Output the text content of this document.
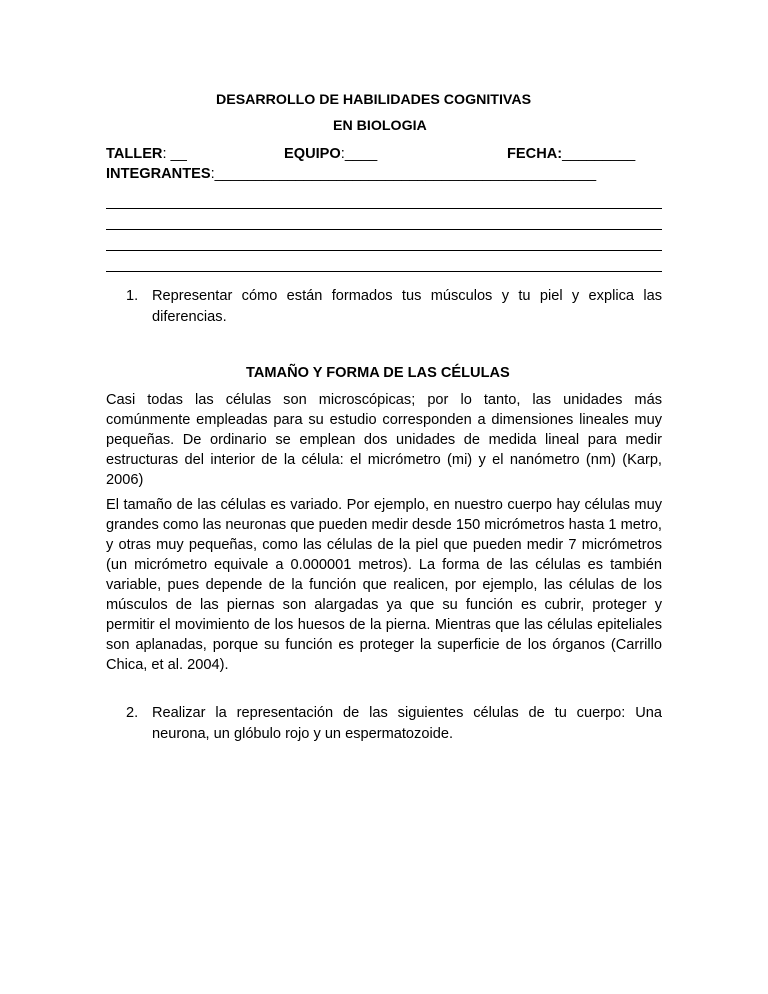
DESARROLLO DE HABILIDADES COGNITIVAS
EN BIOLOGIA
TALLER: __	EQUIPO:____	FECHA:_________
INTEGRANTES:_______________________________________________
1. Representar cómo están formados tus músculos y tu piel y explica las diferencias.
TAMAÑO Y FORMA DE LAS CÉLULAS

Casi todas las células son microscópicas; por lo tanto, las unidades más comúnmente empleadas para su estudio corresponden a dimensiones lineales muy pequeñas. De ordinario se emplean dos unidades de medida lineal para medir estructuras del interior de la célula: el micrómetro (mi) y el nanómetro (nm) (Karp, 2006)

El tamaño de las células es variado. Por ejemplo, en nuestro cuerpo hay células muy grandes como las neuronas que pueden medir desde 150 micrómetros hasta 1 metro, y otras muy pequeñas, como las células de la piel que pueden medir 7 micrómetros (un micrómetro equivale a 0.000001 metros). La forma de las células es también variable, pues depende de la función que realicen, por ejemplo, las células de los músculos de las piernas son alargadas ya que su función es cubrir, proteger y permitir el movimiento de los huesos de la pierna. Mientras que las células epiteliales son aplanadas, porque su función es proteger la superficie de los órganos (Carrillo Chica, et al. 2004).

2. Realizar la representación de las siguientes células de tu cuerpo: Una neurona, un glóbulo rojo y un espermatozoide.
